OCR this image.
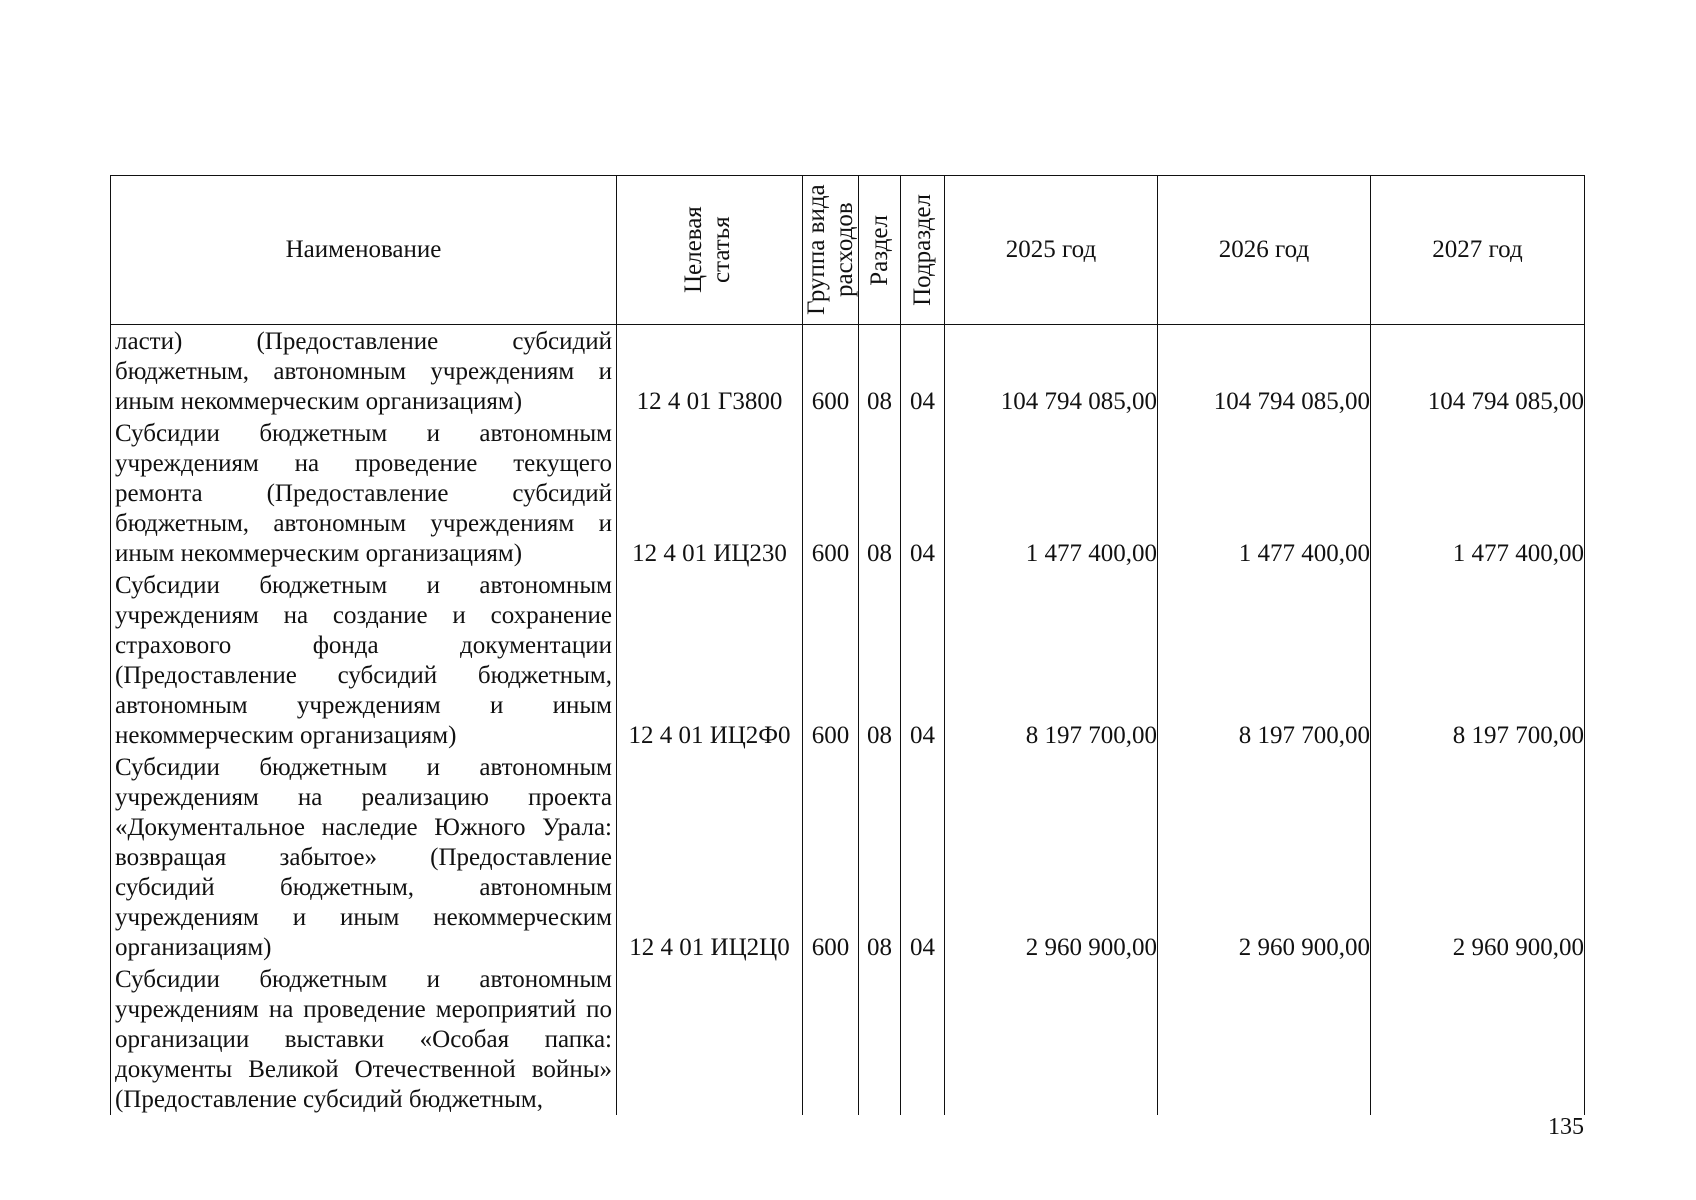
Наименование	Целевая статья	Группа вида расходов	Раздел	Подраздел	2025 год	2026 год	2027 год
ласти) (Предоставление субсидий бюджетным, автономным учреждениям и иным некоммерческим организациям)	12 4 01 Г3800	600	08	04	104 794 085,00	104 794 085,00	104 794 085,00
Субсидии бюджетным и автономным учреждениям на проведение текущего ремонта (Предоставление субсидий бюджетным, автономным учреждениям и иным некоммерческим организациям)	12 4 01 ИЦ230	600	08	04	1 477 400,00	1 477 400,00	1 477 400,00
Субсидии бюджетным и автономным учреждениям на создание и сохранение страхового фонда документации (Предоставление субсидий бюджетным, автономным учреждениям и иным некоммерческим организациям)	12 4 01 ИЦ2Ф0	600	08	04	8 197 700,00	8 197 700,00	8 197 700,00
Субсидии бюджетным и автономным учреждениям на реализацию проекта «Документальное наследие Южного Урала: возвращая забытое» (Предоставление субсидий бюджетным, автономным учреждениям и иным некоммерческим организациям)	12 4 01 ИЦ2Ц0	600	08	04	2 960 900,00	2 960 900,00	2 960 900,00
Субсидии бюджетным и автономным учреждениям на проведение мероприятий по организации выставки «Особая папка: документы Великой Отечественной войны» (Предоставление субсидий бюджетным,							
135
